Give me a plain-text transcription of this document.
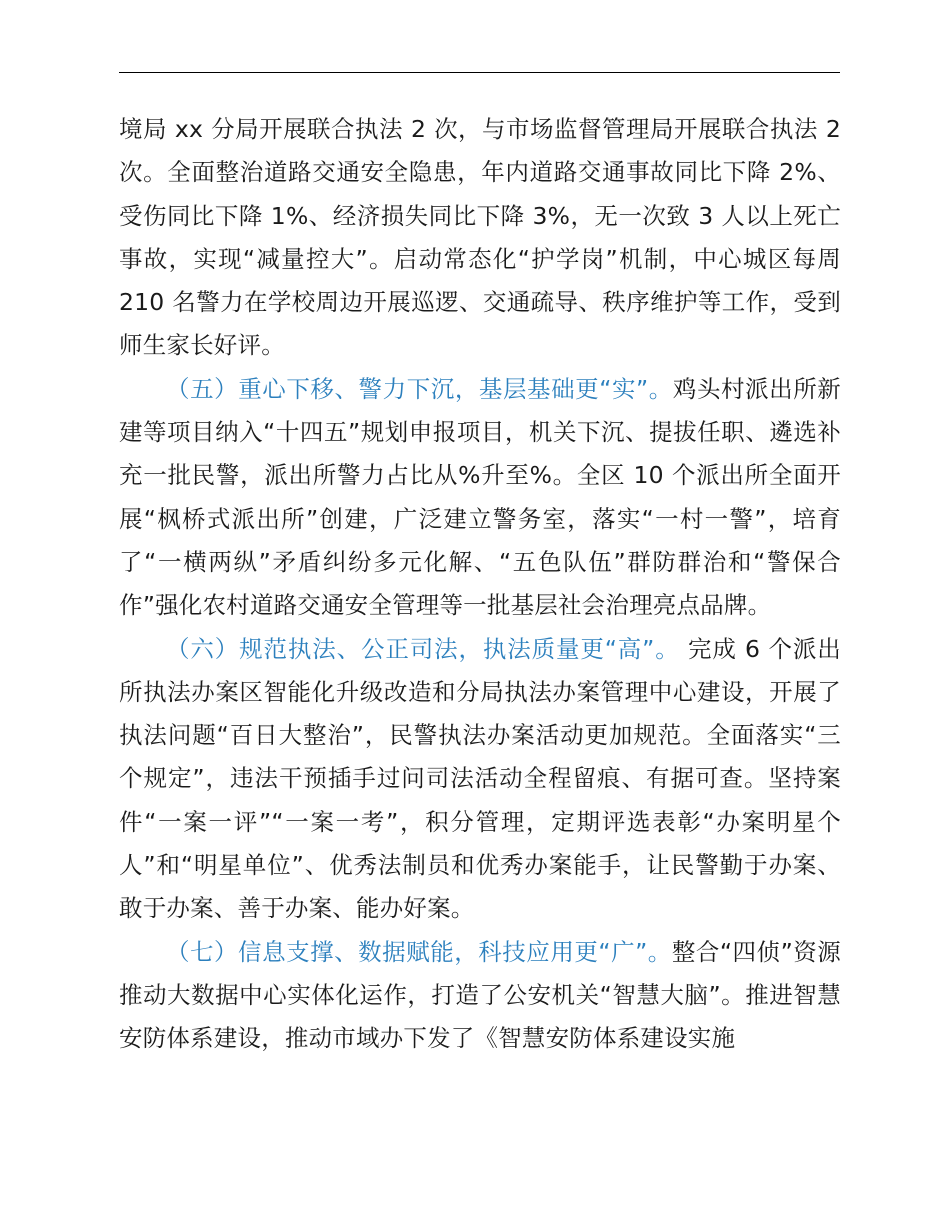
境局 xx 分局开展联合执法 2 次，与市场监督管理局开展联合执法 2 次。全面整治道路交通安全隐患，年内道路交通事故同比下降 2%、受伤同比下降 1%、经济损失同比下降 3%，无一次致 3 人以上死亡事故，实现“减量控大”。启动常态化“护学岗”机制，中心城区每周 210 名警力在学校周边开展巡逻、交通疏导、秩序维护等工作，受到师生家长好评。

（五）重心下移、警力下沉，基层基础更“实”。鸡头村派出所新建等项目纳入“十四五”规划申报项目，机关下沉、提拔任职、遴选补充一批民警，派出所警力占比从%升至%。全区 10 个派出所全面开展“枫桥式派出所”创建，广泛建立警务室，落实“一村一警”，培育了“一横两纵”矛盾纠纷多元化解、“五色队伍”群防群治和“警保合作”强化农村道路交通安全管理等一批基层社会治理亮点品牌。

（六）规范执法、公正司法，执法质量更“高”。 完成 6 个派出所执法办案区智能化升级改造和分局执法办案管理中心建设，开展了执法问题“百日大整治”，民警执法办案活动更加规范。全面落实“三个规定”，违法干预插手过问司法活动全程留痕、有据可查。坚持案件“一案一评”“一案一考”，积分管理，定期评选表彰“办案明星个人”和“明星单位”、优秀法制员和优秀办案能手，让民警勤于办案、敢于办案、善于办案、能办好案。

（七）信息支撑、数据赋能，科技应用更“广”。整合“四侦”资源推动大数据中心实体化运作，打造了公安机关“智慧大脑”。推进智慧安防体系建设，推动市域办下发了《智慧安防体系建设实施
